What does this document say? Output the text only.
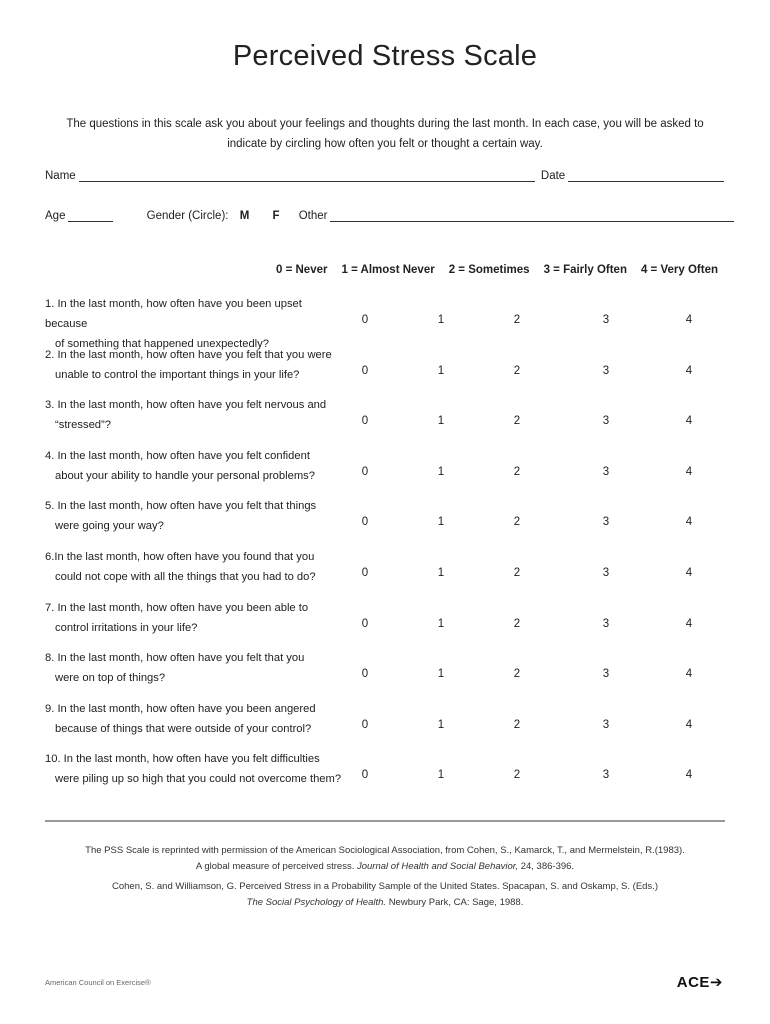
Perceived Stress Scale
The questions in this scale ask you about your feelings and thoughts during the last month. In each case, you will be asked to
indicate by circling how often you felt or thought a certain way.
Name	Date
Age	Gender (Circle): M F Other
0 = Never 1 = Almost Never 2 = Sometimes 3 = Fairly Often 4 = Very Often
1. In the last month, how often have you been upset because
of something that happened unexpectedly?
0	1	2	3	4
2. In the last month, how often have you felt that you were
unable to control the important things in your life?	0	1	2	3	4
3. In the last month, how often have you felt nervous and
“stressed”?	0	1	2	3	4
4. In the last month, how often have you felt confident
about your ability to handle your personal problems?	0	1	2	3	4
5. In the last month, how often have you felt that things
were going your way?	0	1	2	3	4
6.In the last month, how often have you found that you
could not cope with all the things that you had to do?	0	1	2	3	4
7. In the last month, how often have you been able to
control irritations in your life?	0	1	2	3	4
8. In the last month, how often have you felt that you
were on top of things?	0	1	2	3	4
9. In the last month, how often have you been angered
because of things that were outside of your control?	0	1	2	3	4
10. In the last month, how often have you felt difficulties
were piling up so high that you could not overcome them?	0	1	2	3	4
The PSS Scale is reprinted with permission of the American Sociological Association, from Cohen, S., Kamarck, T., and Mermelstein, R.(1983).
A global measure of perceived stress. Journal of Health and Social Behavior, 24, 386-396.
Cohen, S. and Williamson, G. Perceived Stress in a Probability Sample of the United States. Spacapan, S. and Oskamp, S. (Eds.)
The Social Psychology of Health. Newbury Park, CA: Sage, 1988.
American Council on Exercise®	ACE➔
